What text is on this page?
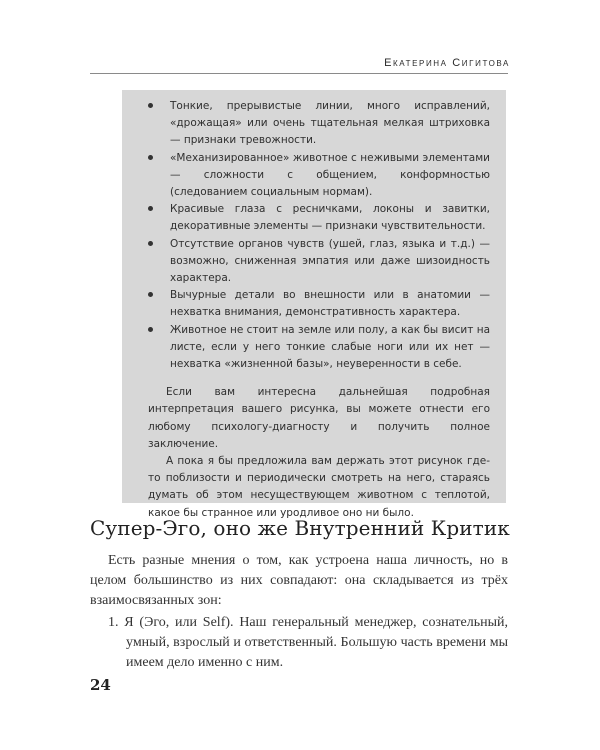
Екатерина Сигитова
Тонкие, прерывистые линии, много исправлений, «дрожащая» или очень тщательная мелкая штриховка — признаки тревожности.
«Механизированное» животное с неживыми элементами — сложности с общением, конформностью (следованием социальным нормам).
Красивые глаза с ресничками, локоны и завитки, декоративные элементы — признаки чувствительности.
Отсутствие органов чувств (ушей, глаз, языка и т.д.) — возможно, сниженная эмпатия или даже шизоидность характера.
Вычурные детали во внешности или в анатомии — нехватка внимания, демонстративность характера.
Животное не стоит на земле или полу, а как бы висит на листе, если у него тонкие слабые ноги или их нет — нехватка «жизненной базы», неуверенности в себе.

Если вам интересна дальнейшая подробная интерпретация вашего рисунка, вы можете отнести его любому психологу-диагносту и получить полное заключение.

А пока я бы предложила вам держать этот рисунок где-то поблизости и периодически смотреть на него, стараясь думать об этом несуществующем животном с теплотой, какое бы странное или уродливое оно ни было.

Супер-Эго, оно же Внутренний Критик

Есть разные мнения о том, как устроена наша личность, но в целом большинство из них совпадают: она складывается из трёх взаимосвязанных зон:

1. Я (Эго, или Self). Наш генеральный менеджер, сознательный, умный, взрослый и ответственный. Большую часть времени мы имеем дело именно с ним.

24
